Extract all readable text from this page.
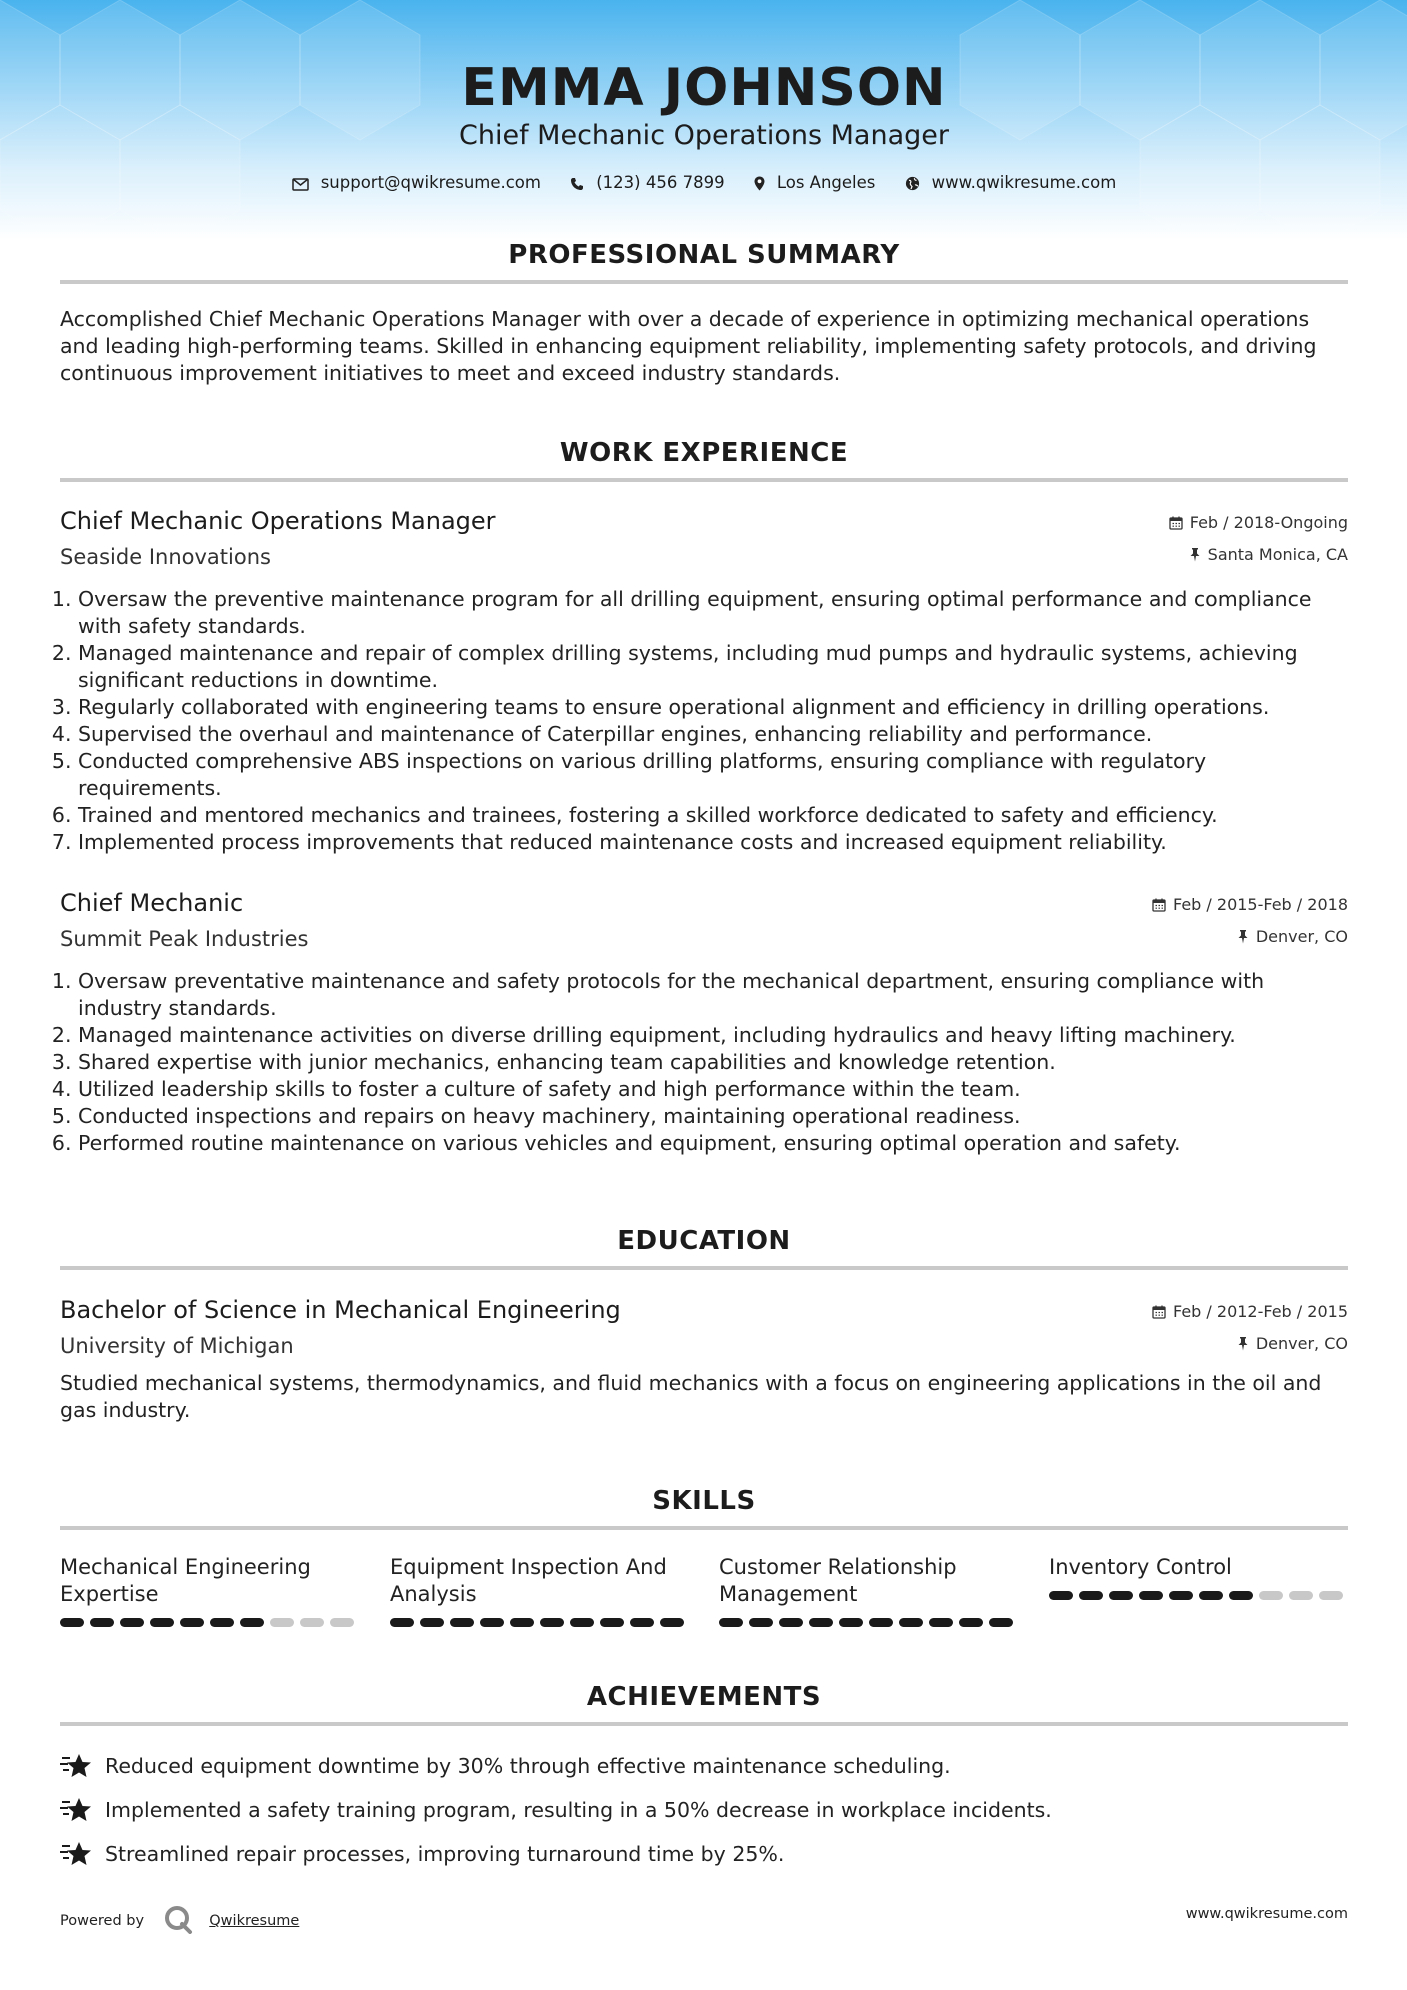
EMMA JOHNSON
Chief Mechanic Operations Manager
support@qwikresume.com	(123) 456 7899	Los Angeles	www.qwikresume.com
PROFESSIONAL SUMMARY
Accomplished Chief Mechanic Operations Manager with over a decade of experience in optimizing mechanical operations and leading high-performing teams. Skilled in enhancing equipment reliability, implementing safety protocols, and driving continuous improvement initiatives to meet and exceed industry standards.
WORK EXPERIENCE
Chief Mechanic Operations Manager
Seaside Innovations
Feb / 2018-Ongoing
Santa Monica, CA
1. Oversaw the preventive maintenance program for all drilling equipment, ensuring optimal performance and compliance with safety standards.
2. Managed maintenance and repair of complex drilling systems, including mud pumps and hydraulic systems, achieving significant reductions in downtime.
3. Regularly collaborated with engineering teams to ensure operational alignment and efficiency in drilling operations.
4. Supervised the overhaul and maintenance of Caterpillar engines, enhancing reliability and performance.
5. Conducted comprehensive ABS inspections on various drilling platforms, ensuring compliance with regulatory requirements.
6. Trained and mentored mechanics and trainees, fostering a skilled workforce dedicated to safety and efficiency.
7. Implemented process improvements that reduced maintenance costs and increased equipment reliability.
Chief Mechanic
Summit Peak Industries
Feb / 2015-Feb / 2018
Denver, CO
1. Oversaw preventative maintenance and safety protocols for the mechanical department, ensuring compliance with industry standards.
2. Managed maintenance activities on diverse drilling equipment, including hydraulics and heavy lifting machinery.
3. Shared expertise with junior mechanics, enhancing team capabilities and knowledge retention.
4. Utilized leadership skills to foster a culture of safety and high performance within the team.
5. Conducted inspections and repairs on heavy machinery, maintaining operational readiness.
6. Performed routine maintenance on various vehicles and equipment, ensuring optimal operation and safety.
EDUCATION
Bachelor of Science in Mechanical Engineering
University of Michigan
Feb / 2012-Feb / 2015
Denver, CO
Studied mechanical systems, thermodynamics, and fluid mechanics with a focus on engineering applications in the oil and gas industry.
SKILLS
Mechanical Engineering Expertise
Equipment Inspection And Analysis
Customer Relationship Management
Inventory Control
ACHIEVEMENTS
Reduced equipment downtime by 30% through effective maintenance scheduling.
Implemented a safety training program, resulting in a 50% decrease in workplace incidents.
Streamlined repair processes, improving turnaround time by 25%.
Powered by	Qwikresume	www.qwikresume.com
